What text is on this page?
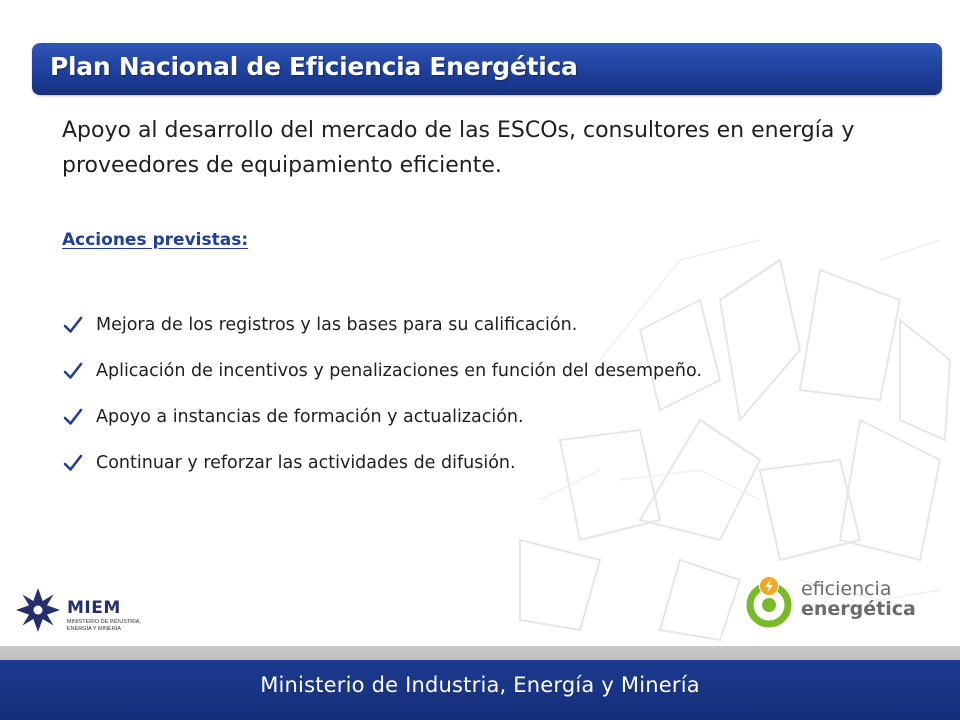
Plan Nacional de Eficiencia Energética

Apoyo al desarrollo del mercado de las ESCOs, consultores en energía y proveedores de equipamiento eficiente.

Acciones previstas:

Mejora de los registros y las bases para su calificación.
Aplicación de incentivos y penalizaciones en función del desempeño.
Apoyo a instancias de formación y actualización.
Continuar y reforzar las actividades de difusión.

MIEM

MINISTERIO DE INDUSTRIA, ENERGÍA Y MINERÍA

eficiencia

energética

Ministerio de Industria, Energía y Minería
